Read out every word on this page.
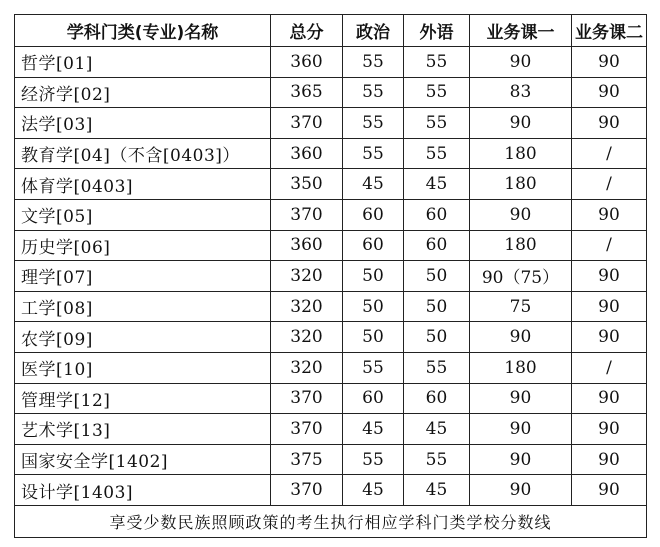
学科门类(专业)名称	总分	政治	外语	业务课一	业务课二
哲学[01]	360	55	55	90	90
经济学[02]	365	55	55	83	90
法学[03]	370	55	55	90	90
教育学[04]（不含[0403]）	360	55	55	180	/
体育学[0403]	350	45	45	180	/
文学[05]	370	60	60	90	90
历史学[06]	360	60	60	180	/
理学[07]	320	50	50	90（75）	90
工学[08]	320	50	50	75	90
农学[09]	320	50	50	90	90
医学[10]	320	55	55	180	/
管理学[12]	370	60	60	90	90
艺术学[13]	370	45	45	90	90
国家安全学[1402]	375	55	55	90	90
设计学[1403]	370	45	45	90	90
享受少数民族照顾政策的考生执行相应学科门类学校分数线					
